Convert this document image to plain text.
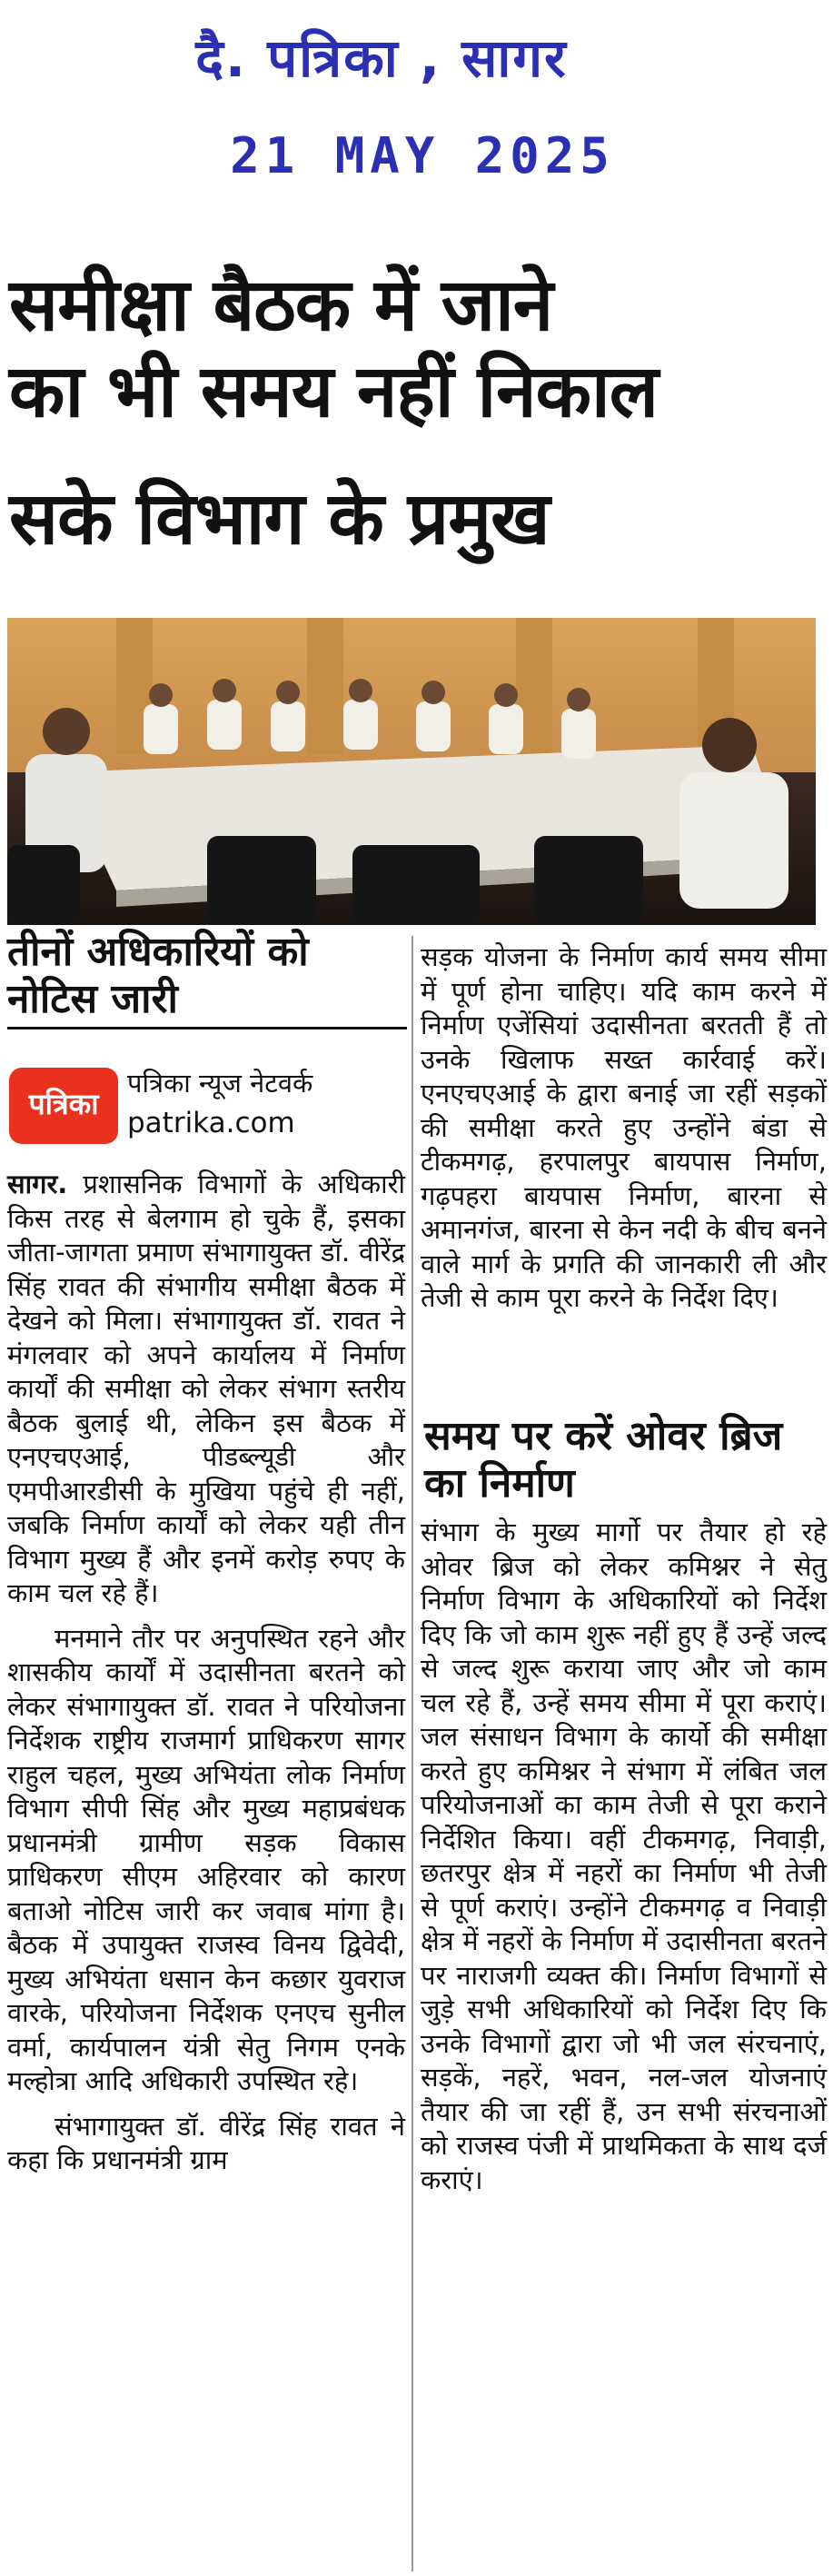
दै. पत्रिका , सागर
21 MAY 2025
समीक्षा बैठक में जाने
का भी समय नहीं निकाल
सके विभाग के प्रमुख
तीनों अधिकारियों को नोटिस जारी
पत्रिका
पत्रिका न्यूज नेटवर्क
patrika.com

सागर. प्रशासनिक विभागों के अधिकारी किस तरह से बेलगाम हो चुके हैं, इसका जीता-जागता प्रमाण संभागायुक्त डॉ. वीरेंद्र सिंह रावत की संभागीय समीक्षा बैठक में देखने को मिला। संभागायुक्त डॉ. रावत ने मंगलवार को अपने कार्यालय में निर्माण कार्यों की समीक्षा को लेकर संभाग स्तरीय बैठक बुलाई थी, लेकिन इस बैठक में एनएचएआई, पीडब्ल्यूडी और एमपीआरडीसी के मुखिया पहुंचे ही नहीं, जबकि निर्माण कार्यों को लेकर यही तीन विभाग मुख्य हैं और इनमें करोड़ रुपए के काम चल रहे हैं।

मनमाने तौर पर अनुपस्थित रहने और शासकीय कार्यों में उदासीनता बरतने को लेकर संभागायुक्त डॉ. रावत ने परियोजना निर्देशक राष्ट्रीय राजमार्ग प्राधिकरण सागर राहुल चहल, मुख्य अभियंता लोक निर्माण विभाग सीपी सिंह और मुख्य महाप्रबंधक प्रधानमंत्री ग्रामीण सड़क विकास प्राधिकरण सीएम अहिरवार को कारण बताओ नोटिस जारी कर जवाब मांगा है। बैठक में उपायुक्त राजस्व विनय द्विवेदी, मुख्य अभियंता धसान केन कछार युवराज वारके, परियोजना निर्देशक एनएच सुनील वर्मा, कार्यपालन यंत्री सेतु निगम एनके मल्होत्रा आदि अधिकारी उपस्थित रहे।

संभागायुक्त डॉ. वीरेंद्र सिंह रावत ने कहा कि प्रधानमंत्री ग्राम

सड़क योजना के निर्माण कार्य समय सीमा में पूर्ण होना चाहिए। यदि काम करने में निर्माण एजेंसियां उदासीनता बरतती हैं तो उनके खिलाफ सख्त कार्रवाई करें। एनएचएआई के द्वारा बनाई जा रहीं सड़कों की समीक्षा करते हुए उन्होंने बंडा से टीकमगढ़, हरपालपुर बायपास निर्माण, गढ़पहरा बायपास निर्माण, बारना से अमानगंज, बारना से केन नदी के बीच बनने वाले मार्ग के प्रगति की जानकारी ली और तेजी से काम पूरा करने के निर्देश दिए।

समय पर करें ओवर ब्रिज का निर्माण

संभाग के मुख्य मार्गो पर तैयार हो रहे ओवर ब्रिज को लेकर कमिश्नर ने सेतु निर्माण विभाग के अधिकारियों को निर्देश दिए कि जो काम शुरू नहीं हुए हैं उन्हें जल्द से जल्द शुरू कराया जाए और जो काम चल रहे हैं, उन्हें समय सीमा में पूरा कराएं। जल संसाधन विभाग के कार्यो की समीक्षा करते हुए कमिश्नर ने संभाग में लंबित जल परियोजनाओं का काम तेजी से पूरा कराने निर्देशित किया। वहीं टीकमगढ़, निवाड़ी, छतरपुर क्षेत्र में नहरों का निर्माण भी तेजी से पूर्ण कराएं। उन्होंने टीकमगढ़ व निवाड़ी क्षेत्र में नहरों के निर्माण में उदासीनता बरतने पर नाराजगी व्यक्त की। निर्माण विभागों से जुड़े सभी अधिकारियों को निर्देश दिए कि उनके विभागों द्वारा जो भी जल संरचनाएं, सड़कें, नहरें, भवन, नल-जल योजनाएं तैयार की जा रहीं हैं, उन सभी संरचनाओं को राजस्व पंजी में प्राथमिकता के साथ दर्ज कराएं।
